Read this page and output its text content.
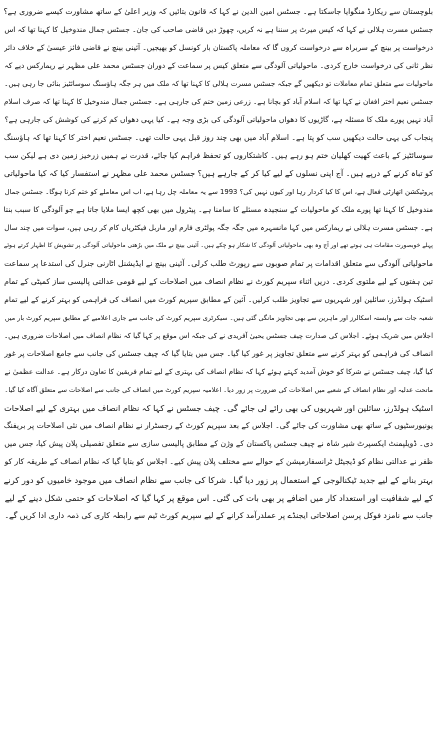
بلوچستان سے ریکارڈ منگوایا جاسکتا ہے۔ جسٹس امین الدین نے کہا کہ قانون بتائیں کہ وزیر اعلیٰ کے ساتھ مشاورت کیسے ضروری ہے؟
جسٹس مسرت ہلالی نے کہا کہ کیس میرٹ پر سننا ہے نہ کریں، چھوڑ دیں قاضی صاحب کی جان۔ جسٹس جمال مندوخیل کا کہنا تھا کہ اس
درخواست پر بینچ کے سربراہ سے درخواست کروں گا کہ معاملہ پاکستان بار کونسل کو بھیجیں۔ آئینی بینچ نے قاضی فائز عیسیٰ کے خلاف دائر
نظر ثانی کی درخواست خارج کردی۔ ماحولیاتی آلودگی سے متعلق کیس پر سماعت کے دوران جسٹس محمد علی مظہر نے ریمارکس دیے کہ
ماحولیات سے متعلق تمام معاملات تو دیکھیں گے جبکہ جسٹس مسرت ہلالی کا کہنا تھا کہ ملک میں ہر جگہ ہاؤسنگ سوسائٹیز بنائی جا رہی ہیں۔
جسٹس نعیم اختر افغان نے کہا تھا کہ اسلام آباد کو بچانا ہے۔ زرعی زمین ختم کی جارہی ہے۔ جسٹس جمال مندوخیل کا کہنا تھا کہ صرف اسلام
آباد نہیں پورے ملک کا مسئلہ ہے، گاڑیوں کا دھواں ماحولیاتی آلودگی کی بڑی وجہ ہے۔ کیا یہی دھواں کم کرنے کی کوشش کی جارہی ہے؟
پنجاب کی یہی حالت دیکھیں سب کو پتا ہے۔ اسلام آباد میں بھی چند روز قبل یہی حالت تھی۔ جسٹس نعیم اختر کا کہنا تھا کہ ہاؤسنگ
سوسائٹیز کے باعث کھیت کھلیان ختم ہو رہے ہیں۔ کاشتکاروں کو تحفظ فراہم کیا جائے، قدرت نے ہمیں زرخیز زمین دی ہے لیکن سب
کو تباہ کرنے کے درپے ہیں۔ آج اپنی نسلوں کے لیے کیا کر کے جارہے ہیں؟ جسٹس محمد علی مظہر نے استفسار کیا کہ کیا ماحولیاتی
پروٹیکشن اتھارٹی فعال ہے، اس کا کیا کردار رہا اور کیوں نہیں کی؟ 1993 سے یہ معاملہ چل رہا ہے، اب اس معاملے کو ختم کرنا ہوگا۔ جسٹس جمال
مندوخیل کا کہنا تھا پورے ملک کو ماحولیات کے سنجیدہ مسئلے کا سامنا ہے۔ پیٹرول میں بھی کچھ ایسا ملایا جاتا ہے جو آلودگی کا سبب بنتا
ہے۔ جسٹس مسرت ہلالی نے ریمارکس میں کہا مانسہرہ میں جگہ جگہ پولٹری فارم اور ماربل فیکٹریاں کام کر رہی ہیں، سوات میں چند سال
پہلے خوبصورت مقامات ہی ہوتے تھے اور آج وہ بھی ماحولیاتی آلودگی کا شکار ہو چکے ہیں۔ آئینی بینچ نے ملک میں بڑھتی ماحولیاتی آلودگی پر تشویش کا اظہار کرتے ہوئے
ماحولیاتی آلودگی سے متعلق اقدامات پر تمام صوبوں سے رپورٹ طلب کرلی۔ آئینی بینچ نے ایڈیشنل اٹارنی جنرل کی استدعا پر سماعت
تین ہفتوں کے لیے ملتوی کردی۔ دریں اثناء سپریم کورٹ نے نظام انصاف میں اصلاحات کے لیے قومی عدالتی پالیسی ساز کمیٹی کے تمام
اسٹیک ہولڈرز، سائلین اور شہریوں سے تجاویز طلب کرلیں۔ آئین کے مطابق سپریم کورٹ میں انصاف کی فراہمی کو بہتر کرنے کے لیے تمام
شعبہ جات سے وابستہ اسکالرز اور ماہرین سے بھی تجاویز مانگی گئی ہیں۔ سیکرٹری سپریم کورٹ کی جانب سے جاری اعلامیے کے مطابق سپریم کورٹ بار میں
اجلاس میں شریک ہوئے۔ اجلاس کی صدارت چیف جسٹس یحییٰ آفریدی نے کی جبکہ اس موقع پر کہا گیا کہ نظام انصاف میں اصلاحات ضروری ہیں۔
انصاف کی فراہمی کو بہتر کرنے سے متعلق تجاویز پر غور کیا گیا۔ جس میں بتایا گیا کہ چیف جسٹس کی جانب سے جامع اصلاحات پر غور
کیا گیا، چیف جسٹس نے شرکا کو خوش آمدید کہتے ہوئے کہا کہ نظام انصاف کی بہتری کے لیے تمام فریقین کا تعاون درکار ہے۔ عدالت عظمیٰ نے
ماتحت عدلیہ اور نظام انصاف کے شعبے میں اصلاحات کی ضرورت پر زور دیا۔ اعلامیہ سپریم کورٹ میں انصاف کی جانب سے اصلاحات سے متعلق آگاہ کیا گیا۔
اسٹیک ہولڈرز، سائلین اور شہریوں کی بھی رائے لی جائے گی۔ چیف جسٹس نے کہا کہ نظام انصاف میں بہتری کے لیے اصلاحات
یونیورسٹیوں کے ساتھ بھی مشاورت کی جائے گی۔ اجلاس کے بعد سپریم کورٹ کے رجسٹرار نے نظام انصاف میں نئی اصلاحات پر بریفنگ
دی۔ ڈویلپمنٹ ایکسپرٹ شیر شاہ نے چیف جسٹس پاکستان کے وژن کے مطابق پالیسی سازی سے متعلق تفصیلی پلان پیش کیا، جس میں
ظفر نے عدالتی نظام کو ڈیجیٹل ٹرانسفارمیشن کے حوالے سے مختلف پلان پیش کیے۔ اجلاس کو بتایا گیا کہ نظام انصاف کے طریقہ کار کو
بہتر بنانے کے لیے جدید ٹیکنالوجی کے استعمال پر زور دیا گیا۔ شرکا کی جانب سے نظام انصاف میں موجود خامیوں کو دور کرنے
کے لیے شفافیت اور استعداد کار میں اضافے پر بھی بات کی گئی۔ اس موقع پر کہا گیا کہ اصلاحات کو حتمی شکل دینے کے لیے
جانب سے نامزد فوکل پرسن اصلاحاتی ایجنڈے پر عملدرآمد کرانے کے لیے سپریم کورٹ ٹیم سے رابطہ کاری کی ذمہ داری ادا کریں گے۔
